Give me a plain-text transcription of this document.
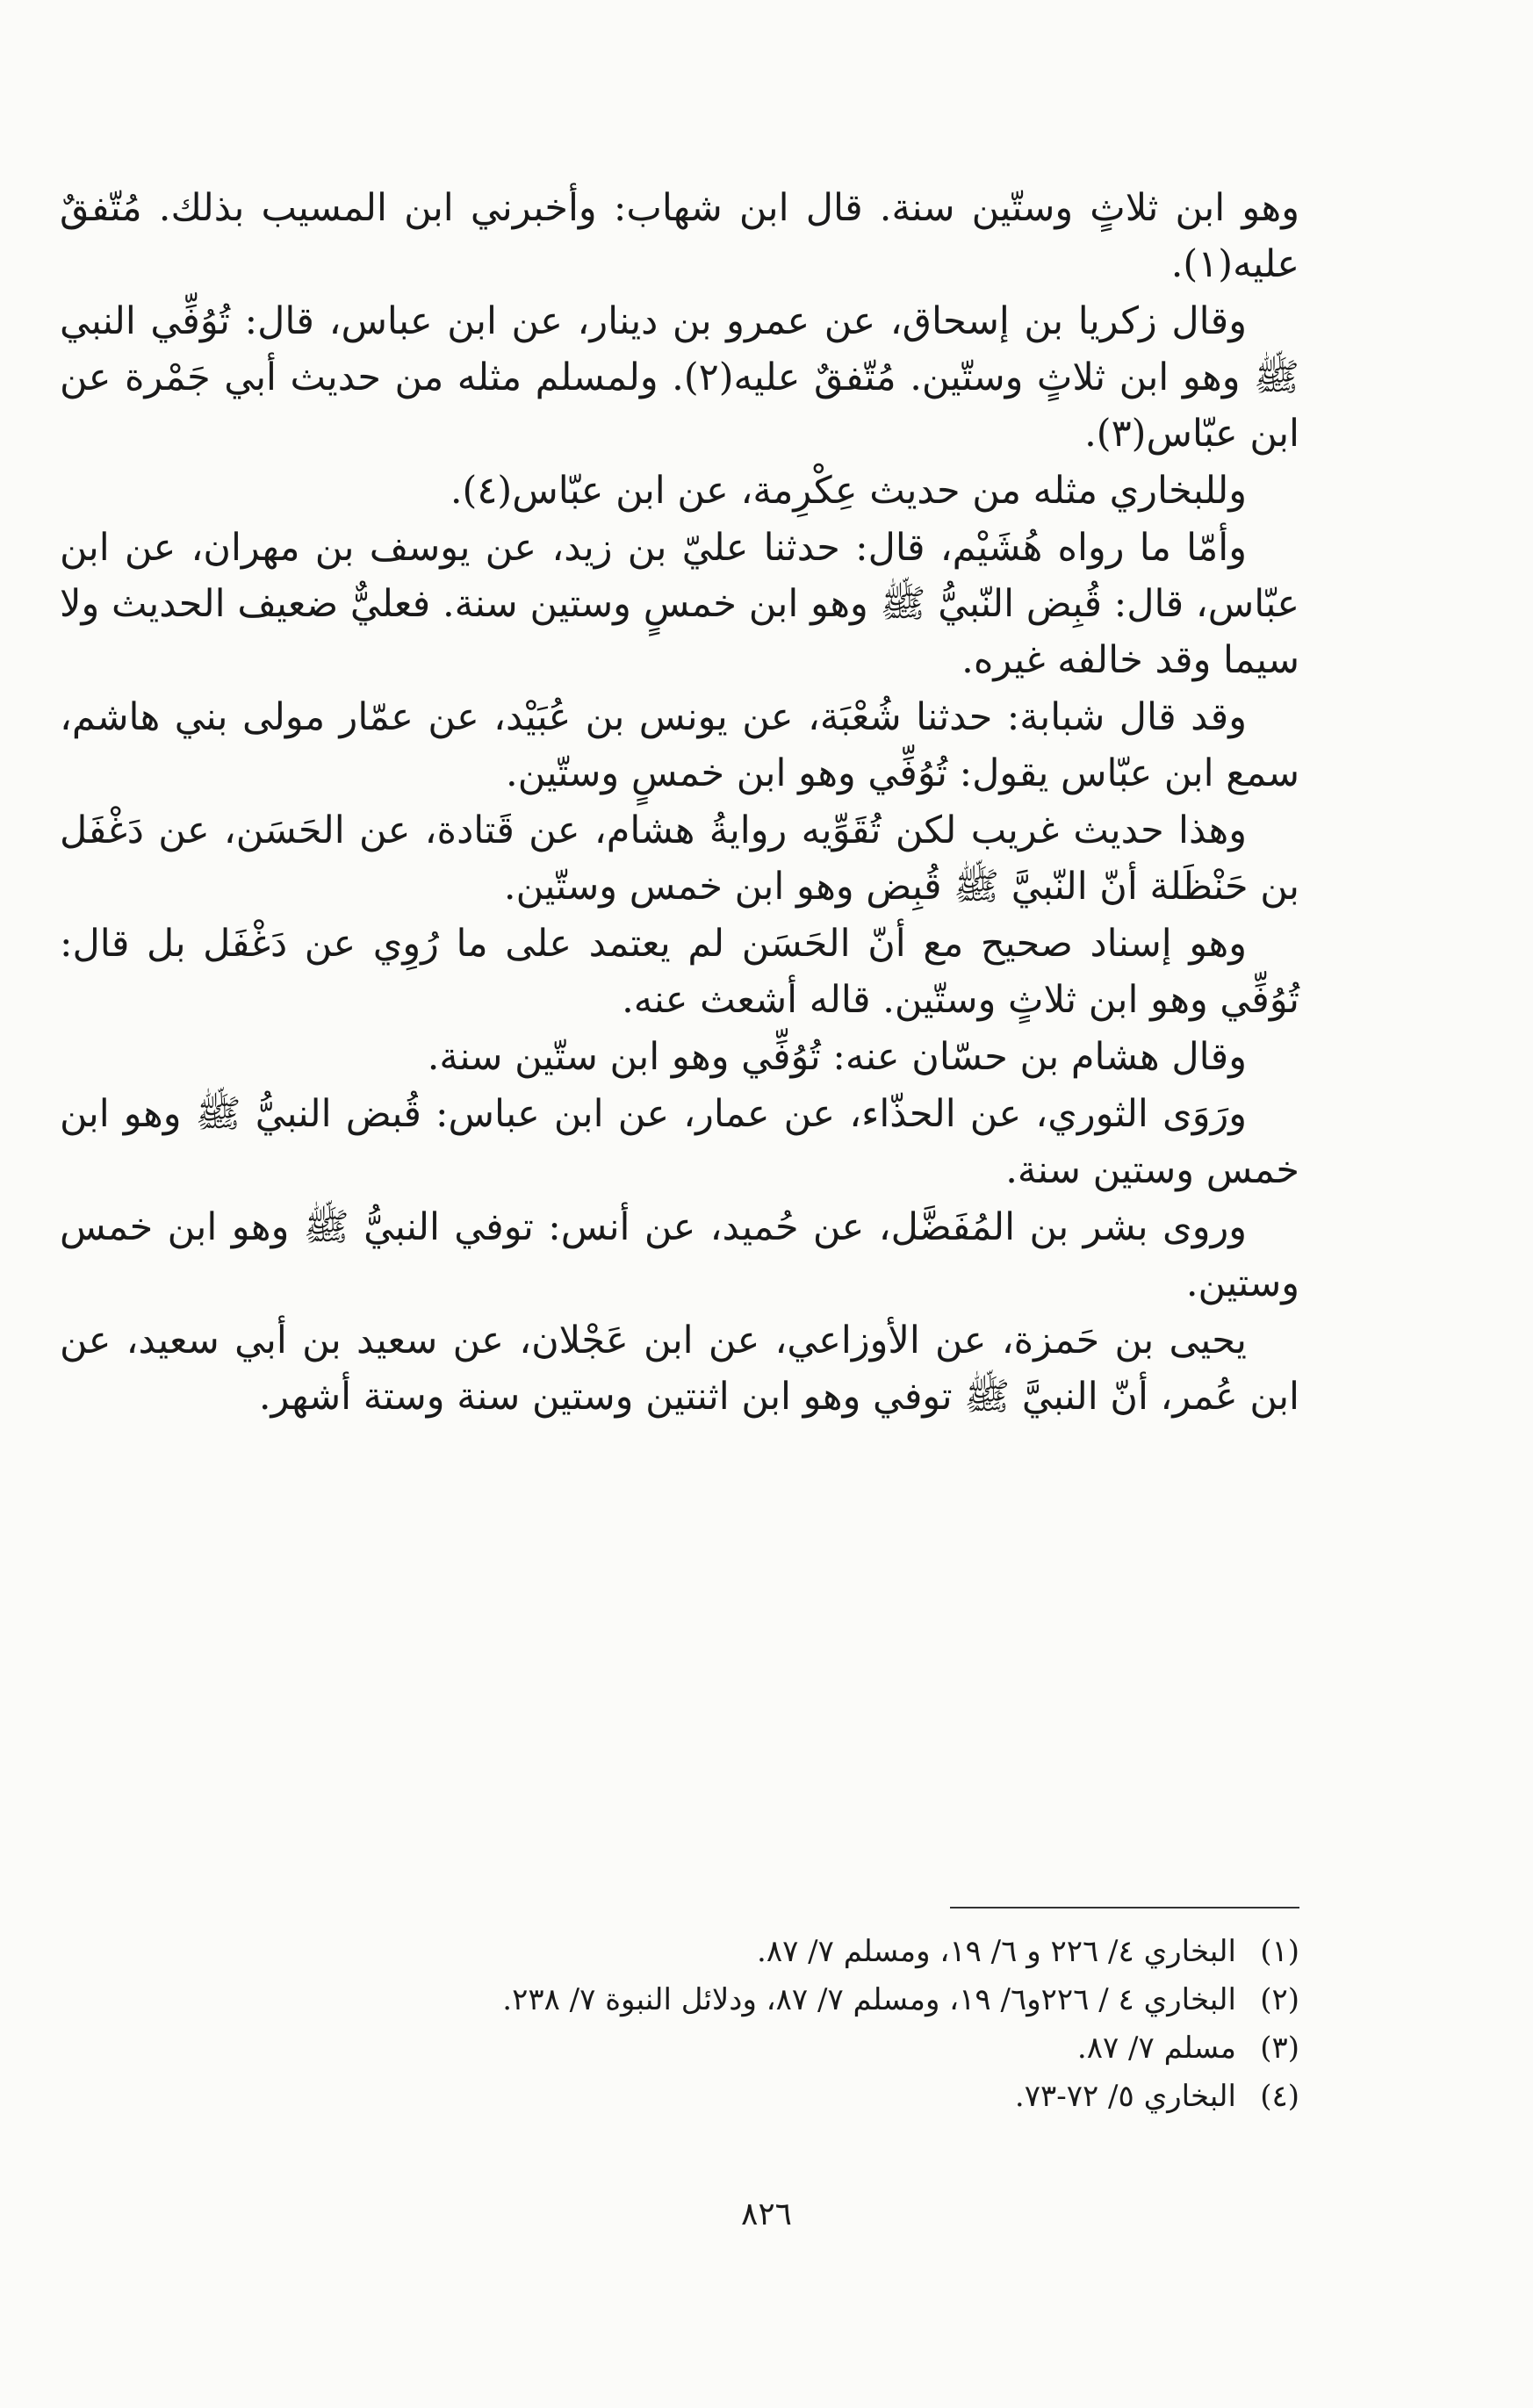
وهو ابن ثلاثٍ وستّين سنة. قال ابن شهاب: وأخبرني ابن المسيب بذلك. مُتّفقٌ عليه(١).

وقال زكريا بن إسحاق، عن عمرو بن دينار، عن ابن عباس، قال: تُوُفِّي النبي ﷺ وهو ابن ثلاثٍ وستّين. مُتّفقٌ عليه(٢). ولمسلم مثله من حديث أبي جَمْرة عن ابن عبّاس(٣).

وللبخاري مثله من حديث عِكْرِمة، عن ابن عبّاس(٤).

وأمّا ما رواه هُشَيْم، قال: حدثنا عليّ بن زيد، عن يوسف بن مهران، عن ابن عبّاس، قال: قُبِض النّبيُّ ﷺ وهو ابن خمسٍ وستين سنة. فعليٌّ ضعيف الحديث ولا سيما وقد خالفه غيره.

وقد قال شبابة: حدثنا شُعْبَة، عن يونس بن عُبَيْد، عن عمّار مولى بني هاشم، سمع ابن عبّاس يقول: تُوُفِّي وهو ابن خمسٍ وستّين.

وهذا حديث غريب لكن تُقَوِّيه روايةُ هشام، عن قَتادة، عن الحَسَن، عن دَغْفَل بن حَنْظَلة أنّ النّبيَّ ﷺ قُبِض وهو ابن خمس وستّين.

وهو إسناد صحيح مع أنّ الحَسَن لم يعتمد على ما رُوِي عن دَغْفَل بل قال: تُوُفِّي وهو ابن ثلاثٍ وستّين. قاله أشعث عنه.

وقال هشام بن حسّان عنه: تُوُفِّي وهو ابن ستّين سنة.

ورَوَى الثوري، عن الحذّاء، عن عمار، عن ابن عباس: قُبض النبيُّ ﷺ وهو ابن خمس وستين سنة.

وروى بشر بن المُفَضَّل، عن حُميد، عن أنس: توفي النبيُّ ﷺ وهو ابن خمس وستين.

يحيى بن حَمزة، عن الأوزاعي، عن ابن عَجْلان، عن سعيد بن أبي سعيد، عن ابن عُمر، أنّ النبيَّ ﷺ توفي وهو ابن اثنتين وستين سنة وستة أشهر.

(١)البخاري ٤/ ٢٢٦ و ٦/ ١٩، ومسلم ٧/ ٨٧.
(٢)البخاري ٤ / ٢٢٦و٦/ ١٩، ومسلم ٧/ ٨٧، ودلائل النبوة ٧/ ٢٣٨.
(٣)مسلم ٧/ ٨٧.
(٤)البخاري ٥/ ٧٢-٧٣.
٨٢٦
